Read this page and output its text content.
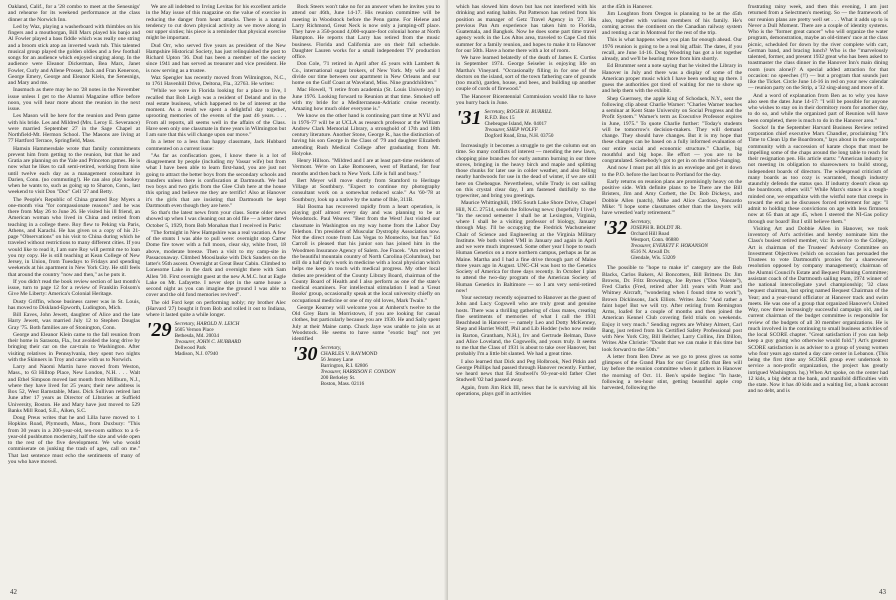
Oakland, Calif., for a '28 combo to meet at the Senesnigs' and rehearse for its weekend performance at the class dinner at the Norwich Inn.

Led by Waz, playing a washerboard with thimbles on his fingers and a mouthorgan, Bill Marx played his banjo and Al Fowler played a bass fiddle which was really one string and a broom stick atop an inverted wash tub. This talented musical group played the golden oldies and a few football songs for an audience which enjoyed singing along. In the audience were Eleanor Dickerman, Bea Marx, Janet Fowler, Curly and Allene Prosser, Jack and Fran Kenerson, George Emery, George and Eleanor Klein, the Senesnigs, and Mary and me.

Inasmuch as there may be no '28 notes in the November issue unless I get to the Alumni Magazine office before noon, you will hear more about the reunion in the next issue.

Les Mason will be here for the reunion and Penn game with his bride. Les and Mildred (Mrs. Leroy E. Severance) were married September 27 in the Sage Chapel at Northfield-Mt. Hermon School. The Masons are living at 77 Hartford Terrace, Springfield, Mass.

Hamsin Hammersdale wrote that family commitments prevent him from getting to the reunion, but that he and Gratia are planning on the Yale and Princeton games. He is now what he likes to call semi-retired, working from nine until twelve each day as a management consultant in Darien, Conn. (no commuting!). He can also play hookey when he wants to, such as going up to Sharon, Conn., last weekend to visit Don "Doc" Cell '27 and Betty.

The People's Republic of China granted Roy Myers a one-month visa "for compassionate reasons" and he was there from May 26 to June 26. He visited his ill friend, an American woman who lived in China and retired from teaching in a college there. Roy flew to Peking via Paris, Athens, and Karachi. He has given us a copy of his 21-page "Observations" on his visit to China during which he traveled without restrictions to many different cities. If you would like to read it, I am sure Roy will permit me to loan you my copy. He is still teaching at Kean College of New Jersey, in Union, from Tuesdays to Fridays and spending weekends at his apartment in New York City. He still feels that around the country "now and then," as he puts it.

If you didn't read the book review section of last month's issue, turn to page 12 for a review of Franklin Folsom's Give Me Liberty: America's Colonial Heritage.

Dusty Griffin, whose business career was in St. Louis, has moved to Diskland-Epworth, Ludington, Mich.

Bill Eaves, John Jewett, daughter of Alice and the late Harry Jewett, was married July 12 to Stephen Douglas Gray '75. Both families are of Stonington, Conn.

George and Eleanor Klein came to the fall reunion from their home in Sarasota, Fla., but avoided the long drive by bringing their car on the car-train to Washington. After visiting relatives in Pennsylvania, they spent two nights with the Skinners in Troy and came with us to Norwich.

Larry and Naomi Martin have moved from Weston, Mass., to 63 Hilltop Place, New London, N.H. . . . Walt and Ethel Simpson moved last month from Millburn, N.J., where they have lived for 25 years; their new address is Box 52, West Barnstable, Mass. Dick Sullivan retired last June after 17 years as Director of Libraries at Suffield University, Boston. He and Mary have just moved to 529 Banks Mill Road, S.E., Aiken, S.C.

Doug Preus writes that he and Lilla have moved to 1 Hopkins Road, Plymouth, Mass., from Duxbury: "This from 30 years in a 200-year-old, ten-room saltbox to a 6-year-old pushbutton modernity, half the size and wide open to the rest of the five development. We who would commiserate on junking the trash of ages, call on me." That last sentence must echo the sentiments of many of you who have moved.

We are all indebted to Irving Levitas for his excellent article in the May issue of this magazine on the value of exercise in reducing the danger from heart attacks. There is a natural tendency to cut down physical activity as we move along in our upper sixties; his piece is a reminder that physical exercise might be important.

Dud Orr, who served five years as president of the New Hampshire Historical Society, has just relinquished the post to Richard Upton '36. Dud has been a member of the society since 1941 and has served as treasurer and vice president. He is now serving as a trustee.

Waz Spengler has recently moved from Wilmington, N.C., to 1761 Havenhill Drive, Deltona, Fla., 32763. He writes:

"While we were in Florida looking for a place to live, I recalled that Bob Leigh was a resident of Deland and in the real estate business, which happened to be of interest at the moment. As a result we spent a delightful day together, uprooting memories of the events of the past 46 years. . . . From all reports, all seems well in the affairs of the Class. Have seen only one classmate in three years in Wilmington but I am sure that this will change upon our move."

In a letter to a less than happy classmate, Jack Hubbard commented on a current issue:

"As far as confiscation goes, I know there is a lot of disagreement by people (including my Vassar wife) but from what I have been able to learn first-hand, you are just not going to attract the better boys from the secondary schools and transfers unless there is confiscation at Dartmouth. We had two boys and two girls from the Glee Club here at the house this spring and believe me they are terrific! Also at Hanover it's the girls that are insisting that Dartmouth be kept Dartmouth even though they are here."

So that's the latest news from your class. Some older news showed up when I was cleaning out an old file — a letter dated October 5, 1929, from Bob Monahan that I received in Paris:

"The fortnight in New Hampshire was a real vacation. A few of the stunts I was able to pull were: overnight stop Carter Dome fire tower with a full moon, clear sky, white frost, 18 above, moderate breeze. Then a visit to my camp-site in Passaconaway. Climbed Moosilauke with Dick Sanders on the latter's 95th ascent. Overnight at Great Bear Cabin. Climbed to Lonesome Lake in the dark and overnight there with Sam Allen '30. First overnight guest at the new A.M.C. hut at Eagle Lake on Mt. Lafayette. I never slept in the same house a second night as you can imagine the ground I was able to cover and the old fond memories revived".

The old Ford kept on performing nobly; my brother Alec (Harvard '27) bought it from Bob and rolled it out to Indiana, where it lasted quite a while longer.

'29 Secretary, HAROLD N. LEICH
5605 Vernon Place
Bethesda, Md. 20034
Treasurer, JOHN C. HUBBARD
Dellwood Park
Madison, N.J. 07940

Bock Steers won't take no for an answer when he invites you to attend our 46th, June 14-17. His reunion committee will be meeting in Woodstock before the Penn game. For Helene and Larry Richmond, Great Neck is now only a jumping-off place. They have a 350-pound 4,000-square-foot colonial home at North Hampton. He reports that Larry has retired from the music business. Florida and California are on their fall schedule. Daughter Lauren works for a small independent TV production office.

Don Cole, '71 retired in April after 45 years with Lambert & Co., international sugar brokers, of New York. My wife and I divide our time between our apartment in New Orleans and our home on the Gulf Coast at Waveland, Miss. Nine grandchildren."

Mac Howell, "I retire from academia (St. Louis University) in June 1976. Looking forward to Reunion at that time. Smoked off with my bride for a Mediterranean-Adriatic cruise recently. Amazing how much older everyone is."

We know on the other hand is continuing part time at NYU and in 1976-77 will be at UCLA as research professor at the William Andrew Clark Memorial Library, a stronghold of 17th and 18th century literature. Another Stone, George R., has the distinction of having his son George in the Class of '79 and daughter Elizabeth attending Rush Medical College after graduating from Mt. Holyoke.

Henry Hillson. "Mildred and I are at least part-time residents of Vermont. We're on Lake Bomoseen, west of Rutland, for four months and then back to New York. Life is full and busy."

Bert Meyer will move shortly from Stamford to Heritage Village at Southbury. "Expect to continue my photography consultant work on a somewhat reduced scale." As '60-'78 at Southbury, look up a native by the name of Ihle, 311B.

Hal Bosma has recovered rapidly from a heart operation, is playing golf almost every day and was planning to be at Woodstock. Paul Weaver. "Best from the West! Just visited our classmate in Washington on my way home from the Labor Day Telethon. I'm president of Muscular Dystrophy Association now. Not the direct route from Las Vegas to Montecito, but fun." Ed Carroll is pleased that his junior son has joined him in the Woodmen Insurance Agency of Salem. Joe Fracek. "Am retired to the beautiful mountain country of North Carolina (Columbus), but still do a half day's work in medicine with a local physician which helps me keep in touch with medical progress. My other local duties are president of the County Library Board, chairman of the County Board of Health and I also perform as one of the state's medical examiners. For intellectual stimulation I lead a 'Great Books' group, occasionally speak at the local university chiefly on occupational medicine or one of my old loves, Mark Twain."

George Kearney will welcome you at Amherst's twelve to the Old Grey Barn in Morristown, if you are looking for casual clothes, but particularly because you are 1930. He and Sally spent July at their Maine camp. Chuck Jaye was unable to join us at Woodstock. He seems to have some "exotic bug" not yet identified

'30 Secretary,
CHARLES V. RAYMOND
56 Jenney Lane
Barrington, R.I. 02806
Treasurer, HARRISON F. CONDON
200 Berkeley St.
Boston, Mass. 02116
42

which has slowed him down but has not interfered with his drinking and eating habits. Pat Patterson has retired from his position as manager of Getz Travel Agency in '27. His previous Pan Am experience has taken him to Florida, Guatemala, and Bangkok. Now he does some part time travel agency work in the Los Altos area, traveled to Cape Cod this summer for a family reunion, and hopes to make it to Hanover for our 50th. Have a home there with a lot of room.

We have learned belatedly of the death of James E. Curtiss in September 1974. George Seiseler is enjoying life on Martha's Vineyard. "Occasionally filling in for one of the doctors on the island, sort of the town fathering care of gounds (too much), garden, house, and bees, and building up another couple of cords of firewood."

The Hanover Bicentennial Commission would like to have you hurry back in June.

'31 Secretary, ROGER H. BURRILL
R.F.D. Box 15
Chebeague Island, Me. 04017
Treasurer, SHEP WOLFF
Dogford Road, Etna, N.H. 03750

Increasingly it becomes a struggle to get the column out on time. So many conflicts of interest — mending the new lawn, chopping pine branches for early autumn burning in our three stoves, bringing in the heavy birch and maple and splitting those chunks for later use in colder weather, and also felling nearby hardwoods for use in the dead of winter, if we are still here on Chebeague. Nevertheless, while Trudy is out sailing on this crystal clear day, I am fastened dutifully to the typewriter, and bring you greetings.

Maurice Whittinghill, 1905 South Lake Shore Drive, Chapel Hill, N.C. 27514, sends the following news: (hopefully I live!) "In the second semester I shall be at Lexington, Virginia, where I shall be a visiting professor of biology, January through May. I'll be occupying the Fredrick Wachsmeister Chair of Science and Engineering at the Virginia Military Institute. We both visited VMI in January and again in April and we were much impressed. Some other year I hope to teach Human Genetics on a more northern campus, perhaps as far as Maine. Martha and I had a fine drive through part of Maine three years ago in August. UNC-CH was host to the Genetics Society of America for three days recently. In October I plan to attend the two-day program of the American Society of Human Genetics in Baltimore — so I am very semi-retired now!

Your secretary recently sojourned to Hanover as the guest of John and Lucy Cogswell who are truly great and genuine hosts. There was a thrilling gathering of class mates, creating fine sentiments of memories of what I call the 1931 Beachhead in Hanover — namely Leo and Dotty McKenney, Shep and Harriet Wolff, Phil and Lib Hodder (who now reside in Barton, Grantham, N.H.), Irv and Gertrude Belman, Dave and Alice Loveland, the Cogswells, and yours truly. It seems to me that the Class of 1931 is about to take over Hanover, but probably I'm a little bit slanted. We had a great time.

I also learned that Dick and Peg Holbrook, Ned Pitkin and George Phillips had passed through Hanover recently. Further, we heard news that Ed Studwell's 93-year-old father Chet Studwell '02 had passed away.

Again, from Jim Rick III, news that he is surviving all his operations, plays golf in activities

at the 45th in Hanover.

Jim Loughton from Oregon is planning to be at the 45th also, together with various members of his family. He's coming across the continent on the Canadian railway system and renting a car in Montreal for the rest of the trip.

This is what happens when you plan far enough ahead. Our 1976 reunion is going to be a real big affair. The dates, if you recall, are June 14-16. Doug Woodring has got a lot together already, and we'll be hearing more from him shortly.

Ed Brummer sent a note saying that he visited the Library in Hanover in July and there was a display of some of the American proper music which I have been sending up there. I guess the authorities got tired of waiting for me to show up and help them with the exhibit.

Shep Guernsey, the apple king of Schodack, N.Y., sent the following clip about Charlie Warner: "Charles Warner teaches a seminar at Kent State University on Social Progress and the Profit System." Warner's term as Executive Professor expires in June, 1975." To quote Charlie further: "Today's students will be tomorrow's decision-makers. They will demand change. They should have changes. But it is my hope that these changes can be based on a fully informed evaluation of our entire social and economic structure." Charlie, big mouthful and big hope. Be effort — you are to be congratulated. Somebody's got to get in on the mind-changing.

And now I must put all this in an envelope and get it down to the P.O. before the last boat to Portland for the day.

Early returns on reunion plans are promisingly heavy on the positive side. With definite plans to be There are the Bill Bristers, Jim and Amy Corbett, the Dr. Bob Dickeys, and Dobbie Allen (natch), Mike and Alice Cardoso, Pancardo Mike: "I hope some classmates other than the lawyers will have wrestled 'early retirement.'"

'32 Secretary,
JOSEPH R. BOLDT JR.
Orchard Hill Road
Westport, Conn. 06880
Treasurer, EVERETT F. HOKANSON
6516 N. Atwall Dr.
Glendale, Wis. 53209

The possible to "hope to make it" category are the Bob Blacks, Carlos Bakers, Al Boncotters, Bill Brittens Dr. Jim Browns, Dr. Fritz Brownings, Joe Byrnes ("Dos Volente"), Fred Clarks (Fred, retired after 341 years with Pratt and Whitney Aircraft, "wondering when I found time to work"), Brown Dickinsons, Jack Elliots. Writes Jack: "And rather a faint hope! But we will try. After retiring from Remington Arms, loafed for a couple of months and then joined the American Kennel Club covering field trials on weekends. Enjoy it very much." Sending regrets are Whitey Almert, Carl Bang, just retired from his Certified Safety Professional post with New York City, Bill Belcher, Larry Collins, Jim Dillon, Writes Abe Christie: "Doubt that we can make it this time but look forward to the 50th."

A letter from Ben Drew as we go to press gives us some glimpses of the Grand Plan for our Great 45th that Ben will lay before the reunion committee when it gathers in Hanover the morning of Oct. 11. Ben's upside begins: "In haste, following a ten-hour stint, getting beautiful apple crop harvested, following the

frustrating rainy week, and then this evening, I am just returned from a Selectmen's meeting. So — the framework of our reunion plans are pretty well set . . . What it adds up to is Never a Dull Moment. There are a couple of identity systems. Who is the "former great cancer" who will organize the water program, demonstration, maybe an old-timers' race at the class picnic, scheduled for down by the river complete with cart, German band, and bracing lunch? Who is the "marvelously talented, former, and present 1932 great who has been asked to toastmaster the class dinner in the Hanover Inn's main dining room (ours alone)? A special added attraction for that occasion: no speeches (!!) — but a program that sounds just like the Ticket. Circle June 14-16 in red on your new calendar — reunion party on the Strip, a '32 sing-along and more of it.

And a word of explanation from Ben as to why you have also seen the dates June 14-17: "I will be possible for anyone who wishes to stay on in their dormitory room for another day, to do so, and while the organized part of Reunion will have been completed, there is much to do in the Hanover area."

Socko! In the September Harvard Business Review retired corporation chief executive Marx Chandler, proclaiming "It's Time to Clean Up the Boardroom," lays about in the corporate community with a succession of karate chops that must be impelling some of the chaps around the long table to reach for their resignation pen. His article starts: "American industry is not meeting its obligation to shareowners to build strong, independent boards of directors. The widespread criticism of many boards as too cozy is warranted, though industry staunchly defends the status quo. If industry doesn't clean up the boardroom, others will." While Marx's stance is a tough-minded one, we empathize with the wistful note that creeps in toward the end as he discusses forced retirement for age: "I admit to holding these convictions on age with less firmness now at 65 than at age 45, when I steered the NI-Gas policy through our board! But I still believe them."

Visiting Art and Dobbie Allen in Hanover, we took inventory of Art's activities and hereby nominate him the Class's busiest retired member, viz: In service to the College, Art is chairman of the Trustees' Advisory Committee on Investment Objectives (which on occasion has persuaded the Trustees to vote Dartmouth's proxies for a shareowner resolution opposed by company management); chairman of the Alumni Council's Estate and Bequest Planning Committee; assistant coach of the Dartmouth sailing team, 1974 winner of the national intercollegiate yawl championship; '32 class bequest chairman, last spring named Bequest Chairman of the Year; and a year-round officiator at Hanover track and swim meets. He was one of a group that organized Hanover's United Way, now three increasingly successful campaign old, and is current chairman of the budget committee is responsible for review of the budgets of all 30 member organizations. He is much involved in the continuing to small business activities of the local SCORE chapter. "Great satisfaction if you can help keep a guy going who otherwise would fold.") Art's greatest SCORE satisfaction is as adviser to a group of young women who four years ago started a day care center in Lebanon. (This being the first time any SCORE group ever undertook to service a non-profit organization, the project has greatly intrigued Washington. hq.) When Art spoke, on the center had 12 kids, a big debt at the bank, and manifold difficulties with the state. Now it has 40 kids and a waiting list, a bank account and no debt, and is

43
